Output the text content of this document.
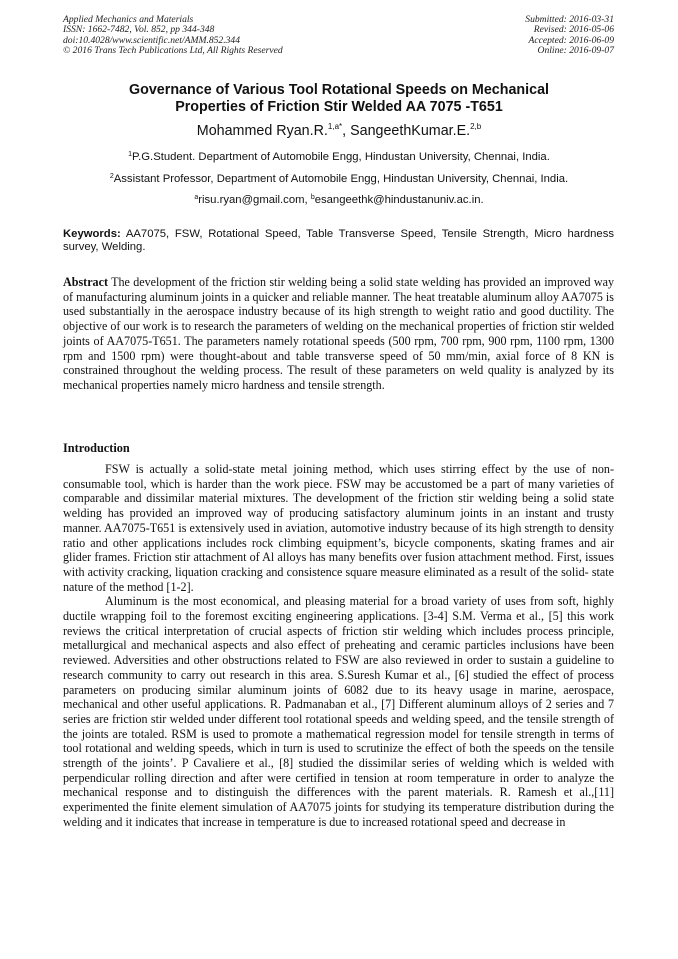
Applied Mechanics and Materials
ISSN: 1662-7482, Vol. 852, pp 344-348
doi:10.4028/www.scientific.net/AMM.852.344
© 2016 Trans Tech Publications Ltd, All Rights Reserved
Submitted: 2016-03-31
Revised: 2016-05-06
Accepted: 2016-06-09
Online: 2016-09-07
Governance of Various Tool Rotational Speeds on Mechanical
Properties of Friction Stir Welded AA 7075 -T651
Mohammed Ryan.R.$^{1,a*}$, SangeethKumar.E.$^{2,b}$
$^1$P.G.Student. Department of Automobile Engg, Hindustan University, Chennai, India.
$^2$Assistant Professor, Department of Automobile Engg, Hindustan University, Chennai, India.
$^a$risu.ryan@gmail.com, $^b$esangeethk@hindustanuniv.ac.in.
Keywords: AA7075, FSW, Rotational Speed, Table Transverse Speed, Tensile Strength, Micro hardness survey, Welding.
Abstract The development of the friction stir welding being a solid state welding has provided an improved way of manufacturing aluminum joints in a quicker and reliable manner. The heat treatable aluminum alloy AA7075 is used substantially in the aerospace industry because of its high strength to weight ratio and good ductility. The objective of our work is to research the parameters of welding on the mechanical properties of friction stir welded joints of AA7075-T651. The parameters namely rotational speeds (500 rpm, 700 rpm, 900 rpm, 1100 rpm, 1300 rpm and 1500 rpm) were thought-about and table transverse speed of 50 mm/min, axial force of 8 KN is constrained throughout the welding process. The result of these parameters on weld quality is analyzed by its mechanical properties namely micro hardness and tensile strength.
Introduction

FSW is actually a solid-state metal joining method, which uses stirring effect by the use of non- consumable tool, which is harder than the work piece. FSW may be accustomed be a part of many varieties of comparable and dissimilar material mixtures. The development of the friction stir welding being a solid state welding has provided an improved way of producing satisfactory aluminum joints in an instant and trusty manner. AA7075-T651 is extensively used in aviation, automotive industry because of its high strength to density ratio and other applications includes rock climbing equipment’s, bicycle components, skating frames and air glider frames. Friction stir attachment of Al alloys has many benefits over fusion attachment method. First, issues with activity cracking, liquation cracking and consistence square measure eliminated as a result of the solid- state nature of the method [1-2].

Aluminum is the most economical, and pleasing material for a broad variety of uses from soft, highly ductile wrapping foil to the foremost exciting engineering applications. [3-4] S.M. Verma et al., [5] this work reviews the critical interpretation of crucial aspects of friction stir welding which includes process principle, metallurgical and mechanical aspects and also effect of preheating and ceramic particles inclusions have been reviewed. Adversities and other obstructions related to FSW are also reviewed in order to sustain a guideline to research community to carry out research in this area. S.Suresh Kumar et al., [6] studied the effect of process parameters on producing similar aluminum joints of 6082 due to its heavy usage in marine, aerospace, mechanical and other useful applications. R. Padmanaban et al., [7] Different aluminum alloys of 2 series and 7 series are friction stir welded under different tool rotational speeds and welding speed, and the tensile strength of the joints are totaled. RSM is used to promote a mathematical regression model for tensile strength in terms of tool rotational and welding speeds, which in turn is used to scrutinize the effect of both the speeds on the tensile strength of the joints’. P Cavaliere et al., [8] studied the dissimilar series of welding which is welded with perpendicular rolling direction and after were certified in tension at room temperature in order to analyze the mechanical response and to distinguish the differences with the parent materials. R. Ramesh et al.,[11] experimented the finite element simulation of AA7075 joints for studying its temperature distribution during the welding and it indicates that increase in temperature is due to increased rotational speed and decrease in
